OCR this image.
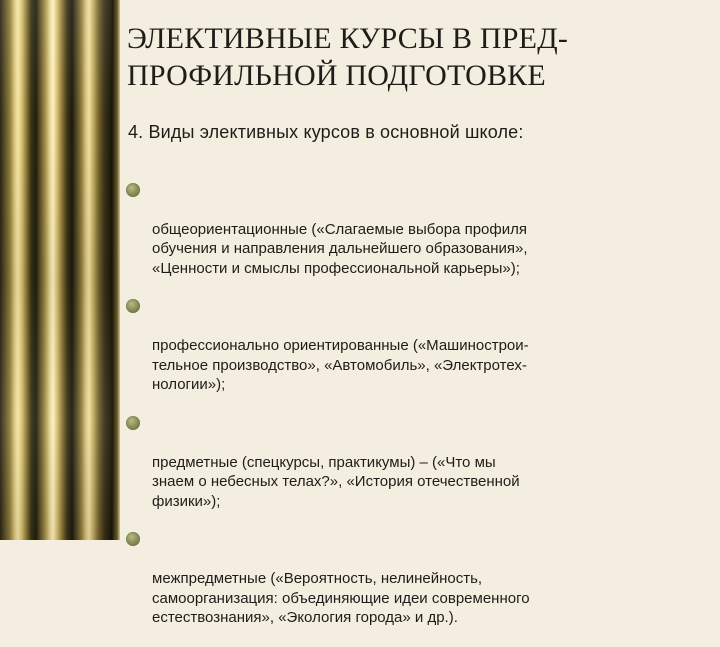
ЭЛЕКТИВНЫЕ КУРСЫ В ПРЕД-
ПРОФИЛЬНОЙ ПОДГОТОВКЕ

4. Виды элективных курсов в основной школе:

общеориентационные («Слагаемые выбора профиля
обучения и направления дальнейшего образования»,
«Ценности и смыслы профессиональной карьеры»);

профессионально ориентированные («Машинострои-
тельное производство», «Автомобиль», «Электротех-
нологии»);

предметные (спецкурсы, практикумы) – («Что мы
знаем о небесных телах?», «История отечественной
физики»);

межпредметные («Вероятность, нелинейность,
самоорганизация: объединяющие идеи современного
естествознания», «Экология города» и др.).
